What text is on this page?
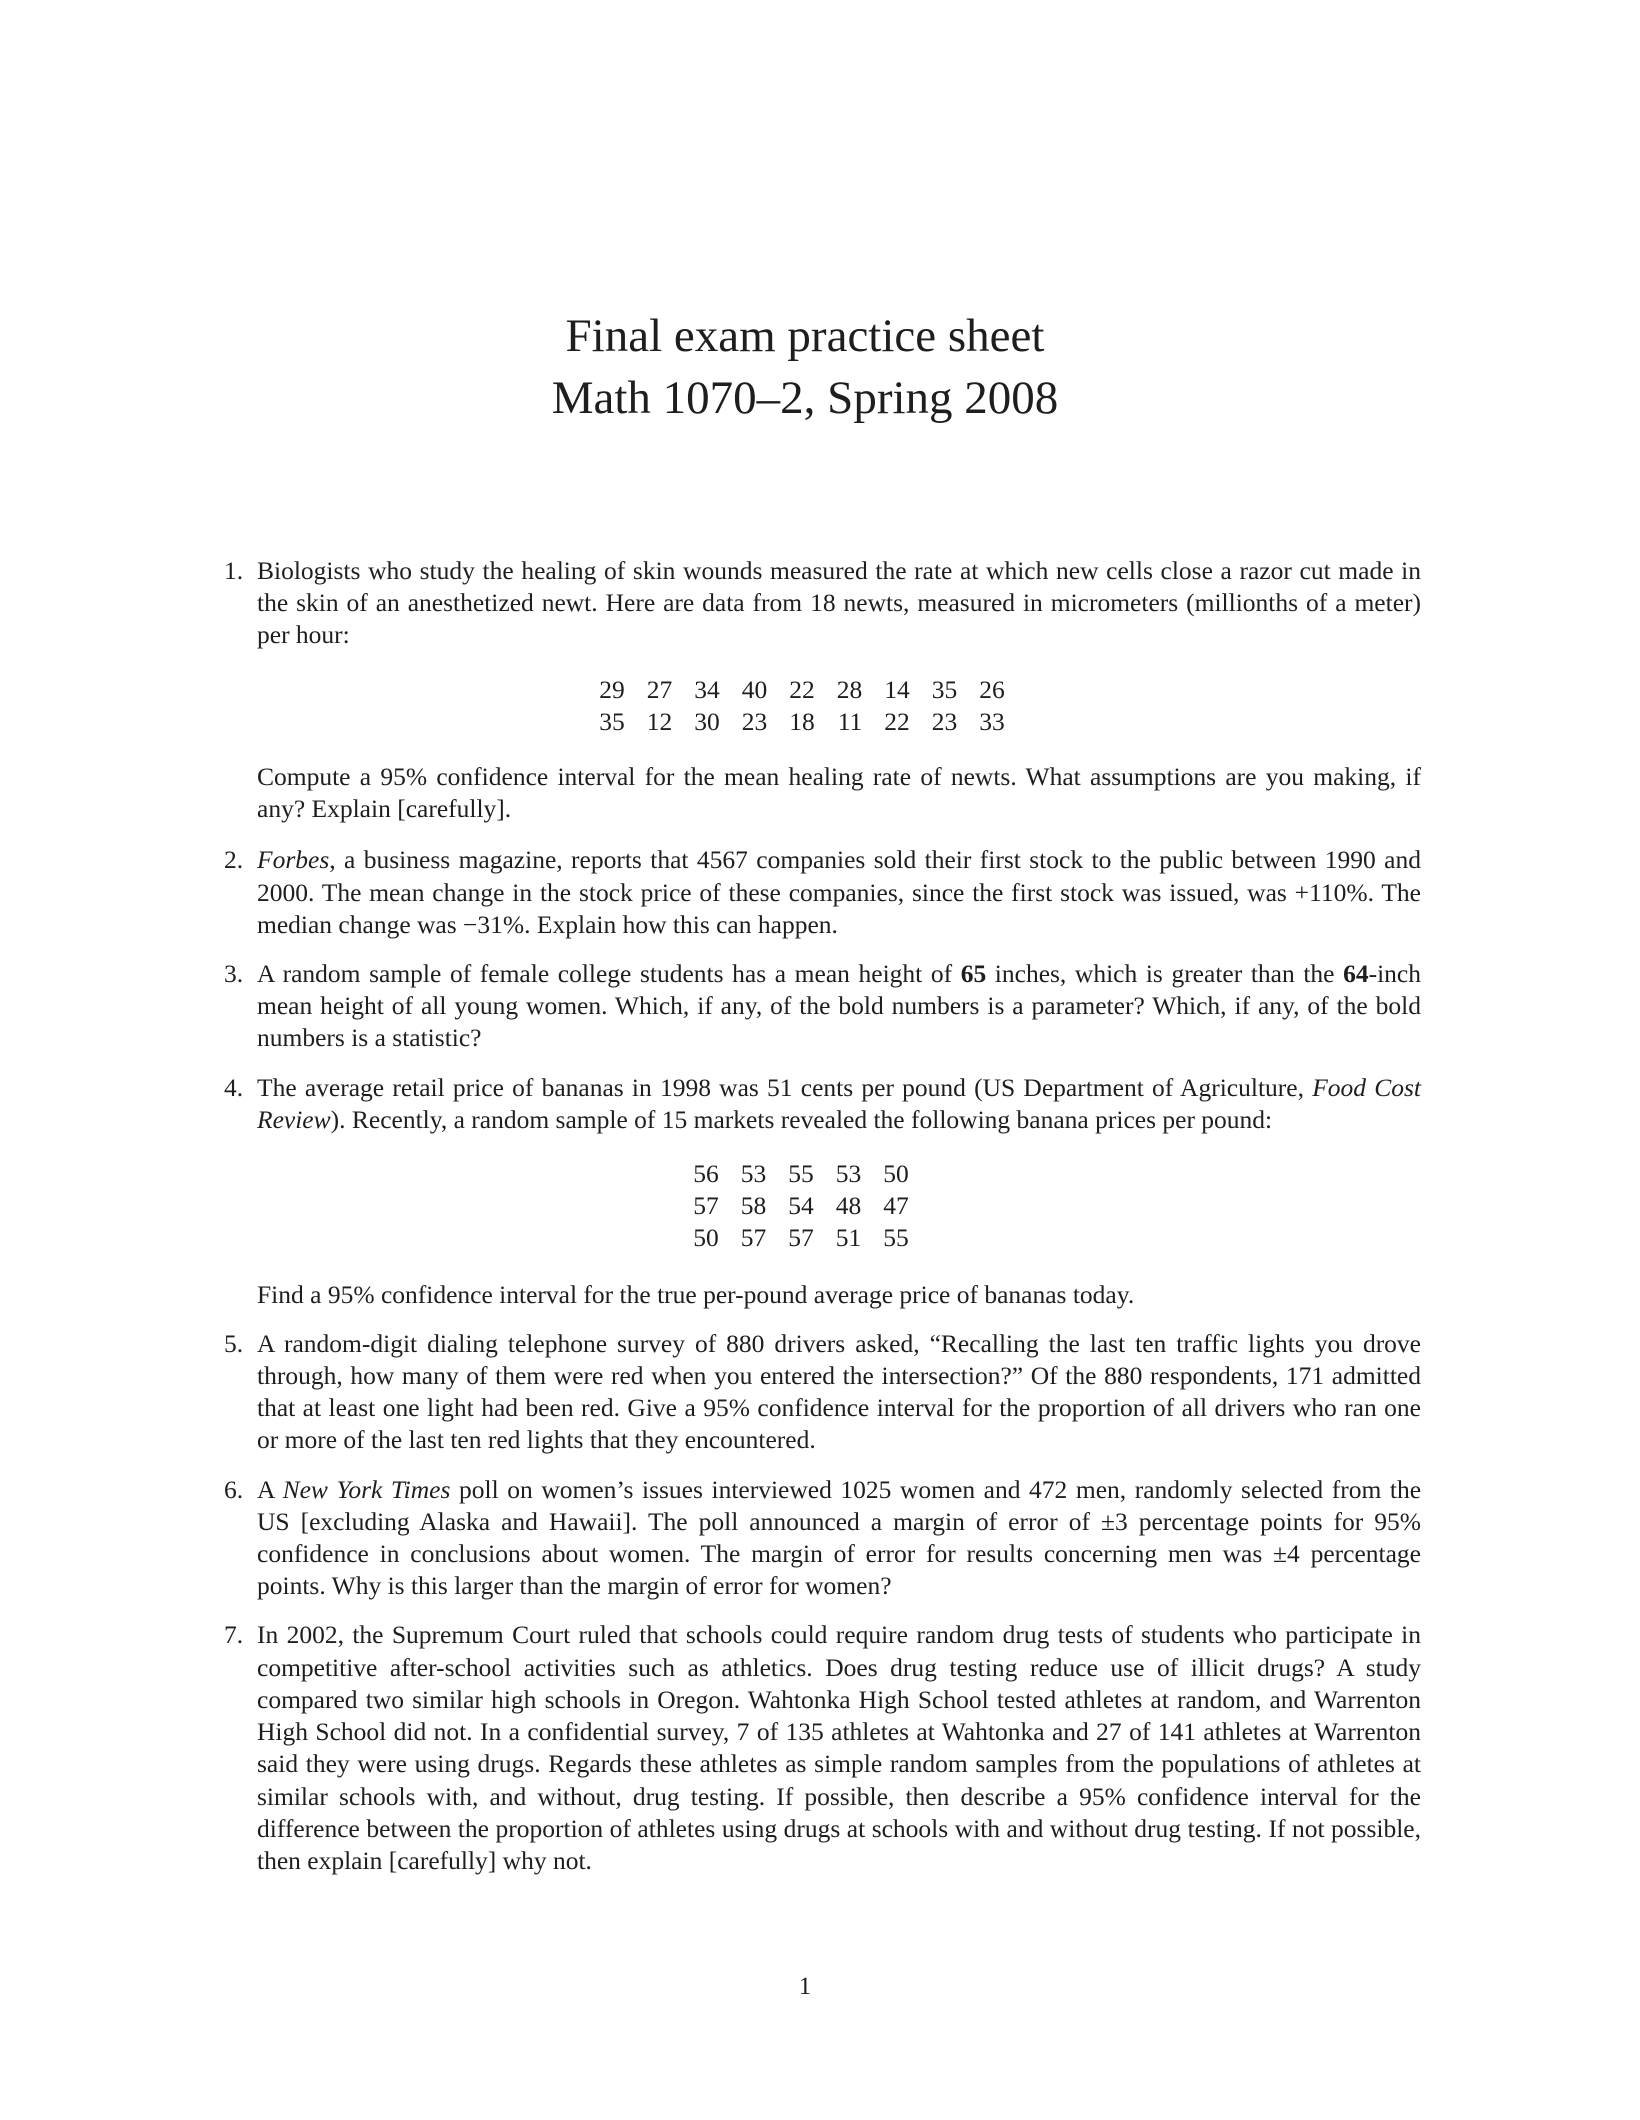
Final exam practice sheet
Math 1070–2, Spring 2008
1. Biologists who study the healing of skin wounds measured the rate at which new cells close a razor cut made in the skin of an anesthetized newt. Here are data from 18 newts, measured in micrometers (millionths of a meter) per hour:

29	27	34	40	22	28	14	35	26
35	12	30	23	18	11	22	23	33

Compute a 95% confidence interval for the mean healing rate of newts. What assumptions are you making, if any? Explain [carefully].

2. Forbes, a business magazine, reports that 4567 companies sold their first stock to the public between 1990 and 2000. The mean change in the stock price of these companies, since the first stock was issued, was +110%. The median change was −31%. Explain how this can happen.

3. A random sample of female college students has a mean height of 65 inches, which is greater than the 64-inch mean height of all young women. Which, if any, of the bold numbers is a parameter? Which, if any, of the bold numbers is a statistic?

4. The average retail price of bananas in 1998 was 51 cents per pound (US Department of Agriculture, Food Cost Review). Recently, a random sample of 15 markets revealed the following banana prices per pound:

56	53	55	53	50
57	58	54	48	47
50	57	57	51	55

Find a 95% confidence interval for the true per-pound average price of bananas today.

5. A random-digit dialing telephone survey of 880 drivers asked, “Recalling the last ten traffic lights you drove through, how many of them were red when you entered the intersection?” Of the 880 respondents, 171 admitted that at least one light had been red. Give a 95% confidence interval for the proportion of all drivers who ran one or more of the last ten red lights that they encountered.

6. A New York Times poll on women’s issues interviewed 1025 women and 472 men, randomly selected from the US [excluding Alaska and Hawaii]. The poll announced a margin of error of ±3 percentage points for 95% confidence in conclusions about women. The margin of error for results concerning men was ±4 percentage points. Why is this larger than the margin of error for women?

7. In 2002, the Supremum Court ruled that schools could require random drug tests of students who participate in competitive after-school activities such as athletics. Does drug testing reduce use of illicit drugs? A study compared two similar high schools in Oregon. Wahtonka High School tested athletes at random, and Warrenton High School did not. In a confidential survey, 7 of 135 athletes at Wahtonka and 27 of 141 athletes at Warrenton said they were using drugs. Regards these athletes as simple random samples from the populations of athletes at similar schools with, and without, drug testing. If possible, then describe a 95% confidence interval for the difference between the proportion of athletes using drugs at schools with and without drug testing. If not possible, then explain [carefully] why not.

1
